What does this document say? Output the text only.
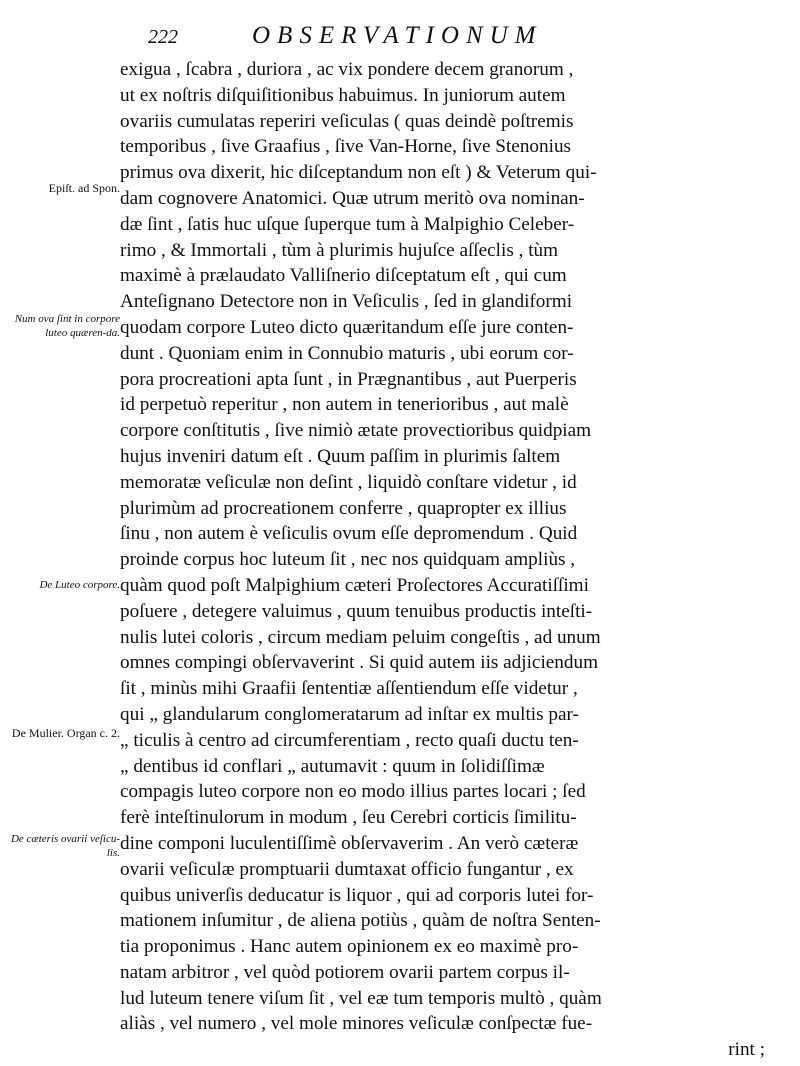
222	OBSERVATIONUM
Epiſt. ad Spon.
Num ova ſint in corpore luteo quæren-da.
De Luteo corpore.
De Mulier. Organ c. 2.
De cæteris ovarii veſicu-lis.
exigua , ſcabra , duriora , ac vix pondere decem granorum ,
ut ex noſtris diſquiſitionibus habuimus. In juniorum autem
ovariis cumulatas reperiri veſiculas ( quas deindè poſtremis
temporibus , ſive Graafius , ſive Van-Horne, ſive Stenonius
primus ova dixerit, hic diſceptandum non eſt ) & Veterum qui-
dam cognovere Anatomici. Quæ utrum meritò ova nominan-
dæ ſint , ſatis huc uſque ſuperque tum à Malpighio Celeber-
rimo , & Immortali , tùm à plurimis hujuſce aſſeclis , tùm
maximè à prælaudato Valliſnerio diſceptatum eſt , qui cum
Anteſignano Detectore non in Veſiculis , ſed in glandiformi
quodam corpore Luteo dicto quæritandum eſſe jure conten-
dunt . Quoniam enim in Connubio maturis , ubi eorum cor-
pora procreationi apta ſunt , in Prægnantibus , aut Puerperis
id perpetuò reperitur , non autem in tenerioribus , aut malè
corpore conſtitutis , ſive nimiò ætate provectioribus quidpiam
hujus inveniri datum eſt . Quum paſſim in plurimis ſaltem
memoratæ veſiculæ non deſint , liquidò conſtare videtur , id
plurimùm ad procreationem conferre , quapropter ex illius
ſinu , non autem è veſiculis ovum eſſe depromendum . Quid
proinde corpus hoc luteum ſit , nec nos quidquam ampliùs ,
quàm quod poſt Malpighium cæteri Proſectores Accuratiſſimi
poſuere , detegere valuimus , quum tenuibus productis inteſti-
nulis lutei coloris , circum mediam peluim congeſtis , ad unum
omnes compingi obſervaverint . Si quid autem iis adjiciendum
ſit , minùs mihi Graafii ſententiæ aſſentiendum eſſe videtur ,
qui „ glandularum conglomeratarum ad inſtar ex multis par-
„ ticulis à centro ad circumferentiam , recto quaſi ductu ten-
„ dentibus id conflari „ autumavit : quum in ſolidiſſimæ
compagis luteo corpore non eo modo illius partes locari ; ſed
ferè inteſtinulorum in modum , ſeu Cerebri corticis ſimilitu-
dine componi luculentiſſimè obſervaverim . An verò cæteræ
ovarii veſiculæ promptuarii dumtaxat officio fungantur , ex
quibus univerſis deducatur is liquor , qui ad corporis lutei for-
mationem inſumitur , de aliena potiùs , quàm de noſtra Senten-
tia proponimus . Hanc autem opinionem ex eo maximè pro-
natam arbitror , vel quòd potiorem ovarii partem corpus il-
lud luteum tenere viſum ſit , vel eæ tum temporis multò , quàm
aliàs , vel numero , vel mole minores veſiculæ conſpectæ fue-
rint ;
